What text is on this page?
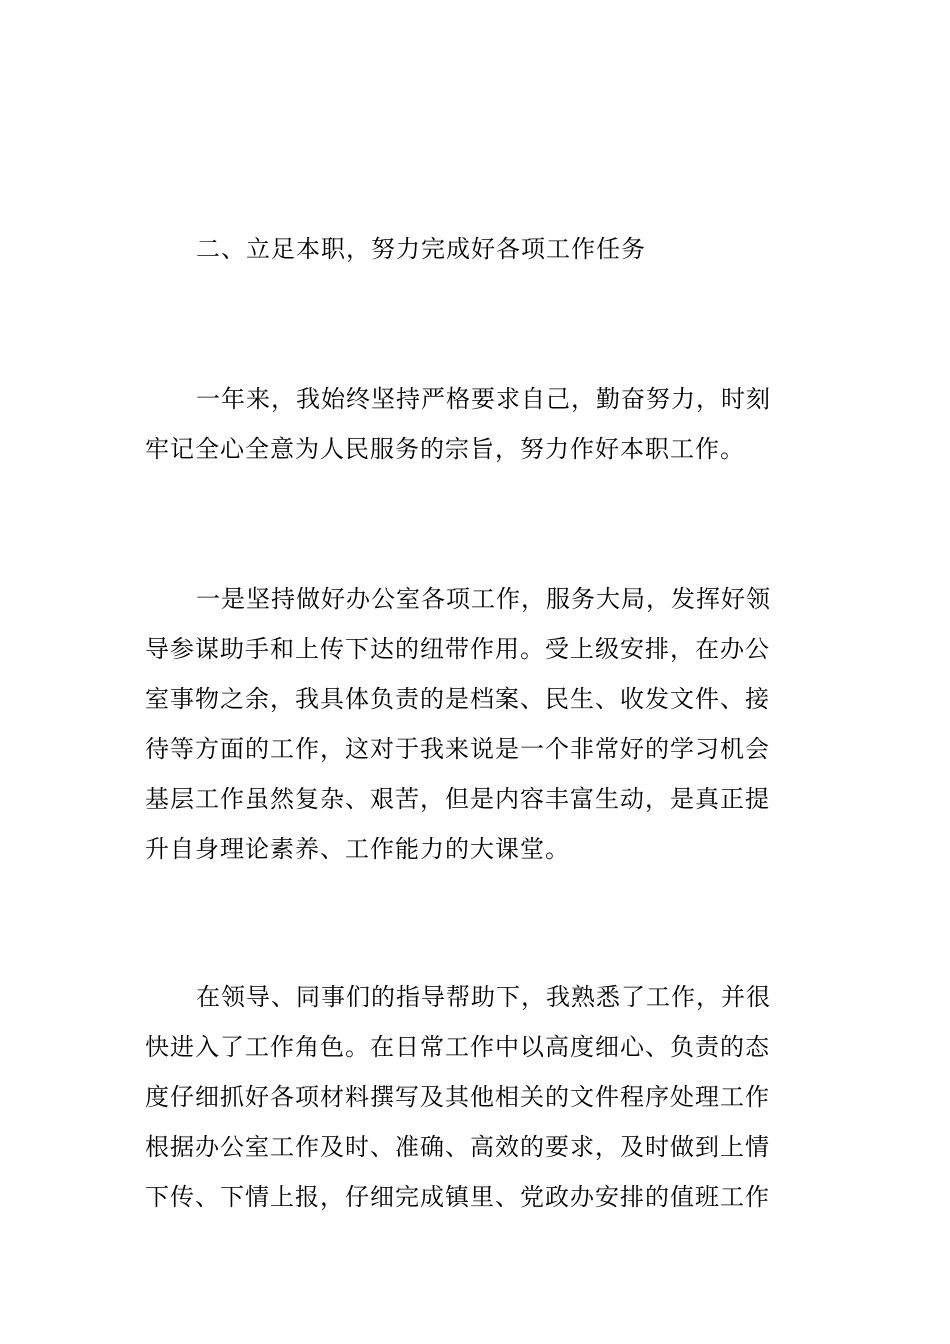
二、立足本职，努力完成好各项工作任务
一年来，我始终坚持严格要求自己，勤奋努力，时刻
牢记全心全意为人民服务的宗旨，努力作好本职工作。
一是坚持做好办公室各项工作，服务大局，发挥好领
导参谋助手和上传下达的纽带作用。受上级安排，在办公
室事物之余，我具体负责的是档案、民生、收发文件、接
待等方面的工作，这对于我来说是一个非常好的学习机会
基层工作虽然复杂、艰苦，但是内容丰富生动，是真正提
升自身理论素养、工作能力的大课堂。
在领导、同事们的指导帮助下，我熟悉了工作，并很
快进入了工作角色。在日常工作中以高度细心、负责的态
度仔细抓好各项材料撰写及其他相关的文件程序处理工作
根据办公室工作及时、准确、高效的要求，及时做到上情
下传、下情上报，仔细完成镇里、党政办安排的值班工作
